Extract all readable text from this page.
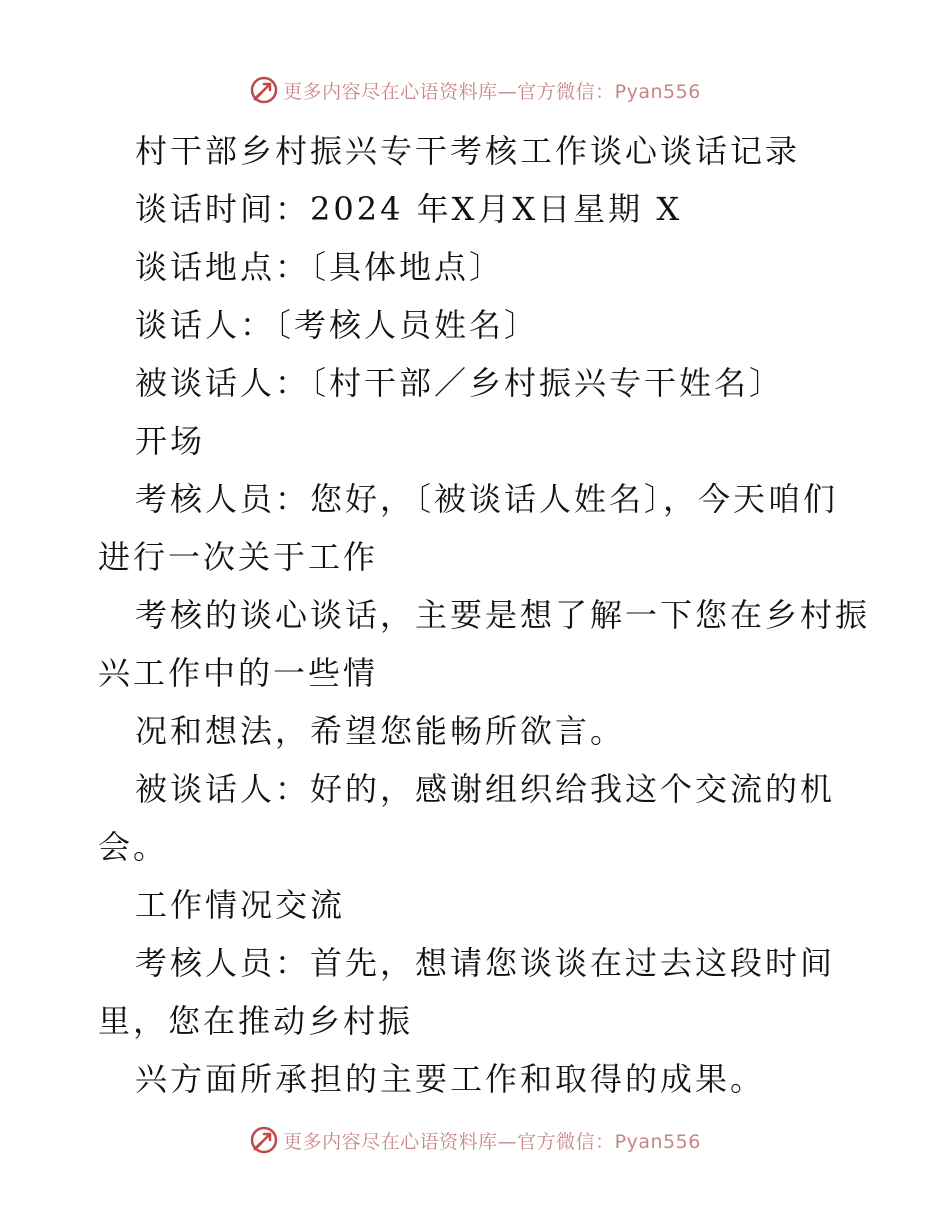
更多内容尽在心语资料库—官方微信：Pyan556
村干部乡村振兴专干考核工作谈心谈话记录
谈话时间：2024 年X月X日星期 X
谈话地点：〔具体地点〕
谈话人：〔考核人员姓名〕
被谈话人：〔村干部／乡村振兴专干姓名〕
开场
考核人员：您好，〔被谈话人姓名〕，今天咱们
进行一次关于工作
考核的谈心谈话，主要是想了解一下您在乡村振
兴工作中的一些情
况和想法，希望您能畅所欲言。
被谈话人：好的，感谢组织给我这个交流的机
会。
工作情况交流
考核人员：首先，想请您谈谈在过去这段时间
里，您在推动乡村振
兴方面所承担的主要工作和取得的成果。
更多内容尽在心语资料库—官方微信：Pyan556
